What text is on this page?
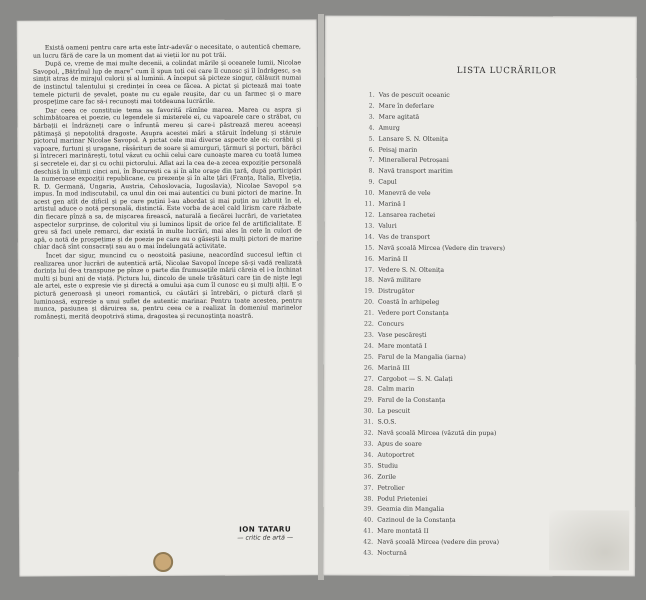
Există oameni pentru care arta este într-adevăr o necesitate, o autentică chemare, un lucru fără de care la un moment dat ai vieții lor nu pot trăi.

După ce, vreme de mai multe decenii, a colindat mările și oceanele lumii, Nicolae Savopol, „Bătrînul lup de mare” cum îl spun toți cei care îl cunosc și îl îndrăgesc, s-a simțit atras de mirajul culorii și al luminii. A început să picteze singur, călăuzit numai de instinctul talentului și credinței în ceea ce făcea. A pictat și pictează mai toate temele picturii de șevalet, poate nu cu egale reușite, dar cu un farmec și o mare prospețime care fac să-i recunoști mai totdeauna lucrările.

Dar ceea ce constituie tema sa favorită rămîne marea. Marea cu aspra și schimbătoarea ei poezie, cu legendele și misterele ei, cu vapoarele care o străbat, cu bărbații ei îndrăzneți care o înfruntă mereu și care-i păstrează mereu aceeași pătimașă și nepotolită dragoste. Asupra acestei mări a stăruit îndelung și stăruie pictorul marinar Nicolae Savopol. A pictat cele mai diverse aspecte ale ei: corăbii și vapoare, furtuni și uragane, răsărituri de soare și amurguri, țărmuri și porturi, bărăci și întreceri marinărești, totul văzut cu ochii celui care cunoaște marea cu toată lumea și secretele ei, dar și cu ochii pictorului. Aflat azi la cea de-a zecea expoziție personală deschisă în ultimii cinci ani, în București ca și în alte orașe din țară, după participări la numeroase expoziții republicane, cu prezențe și în alte țări (Franța, Italia, Elveția, R. D. Germană, Ungaria, Austria, Cehoslovacia, Iugoslavia), Nicolae Savopol s-a impus. În mod indiscutabil, ca unul din cei mai autentici cu buni pictori de marine. În acest gen atît de dificil și pe care puțini l-au abordat și mai puțin au izbutit în el, artistul aduce o notă personală, distinctă. Este vorba de acel cald lirism care răzbate din fiecare pînză a sa, de mișcarea firească, naturală a fiecărei lucrări, de varietatea aspectelor surprinse, de coloritul viu și luminos lipsit de orice fel de artificialitate. E greu să faci unele remarci, dar există în multe lucrări, mai ales în cele în culori de apă, o notă de prospețime și de poezie pe care nu o găsești la mulți pictori de marine chiar dacă sînt consacrați sau au o mai îndelungată activitate.

Încet dar sigur, muncind cu o neostoită pasiune, neacordînd succesul ieftin ci realizarea unor lucrări de autentică artă, Nicolae Savopol începe să-și vadă realizată dorința lui de-a transpune pe pînze o parte din frumusețile mării căreia el i-a închinat multi și buni ani de viață. Pictura lui, dincolo de unele trăsături care țin de niște legi ale artei, este o expresie vie și directă a omului așa cum îl cunosc eu și mulți alții. E o pictură generoasă și uneori romantică, cu căutări și întrebări, o pictură clară și luminoasă, expresie a unui suflet de autentic marinar. Pentru toate acestea, pentru munca, pasiunea și dăruirea sa, pentru ceea ce a realizat în domeniul marinelor românești, merită deopotrivă stima, dragostea și recunoștința noastră.

ION TATARU
— critic de artă —
LISTA LUCRĂRILOR
1. Vas de pescuit oceanic
2. Mare în deferlare
3. Mare agitată
4. Amurg
5. Lansare S. N. Oltenița
6. Peisaj marin
7. Mineralieral Petroșani
8. Navă transport maritim
9. Capul
10. Manevră de vele
11. Marină I
12. Lansarea rachetei
13. Valuri
14. Vas de transport
15. Navă școală Mircea (Vedere din travers)
16. Marină II
17. Vedere S. N. Oltenița
18. Navă militare
19. Distrugător
20. Coastă în arhipeleg
21. Vedere port Constanța
22. Concurs
23. Vase pescărești
24. Mare montată I
25. Farul de la Mangalia (iarna)
26. Marină III
27. Cargobot — S. N. Galați
28. Calm marin
29. Farul de la Constanța
30. La pescuit
31. S.O.S.
32. Navă școală Mircea (văzută din pupa)
33. Apus de soare
34. Autoportret
35. Studiu
36. Zorile
37. Petrolier
38. Podul Prieteniei
39. Geamia din Mangalia
40. Cazinoul de la Constanța
41. Mare montată II
42. Navă școală Mircea (vedere din prova)
43. Nocturnă
